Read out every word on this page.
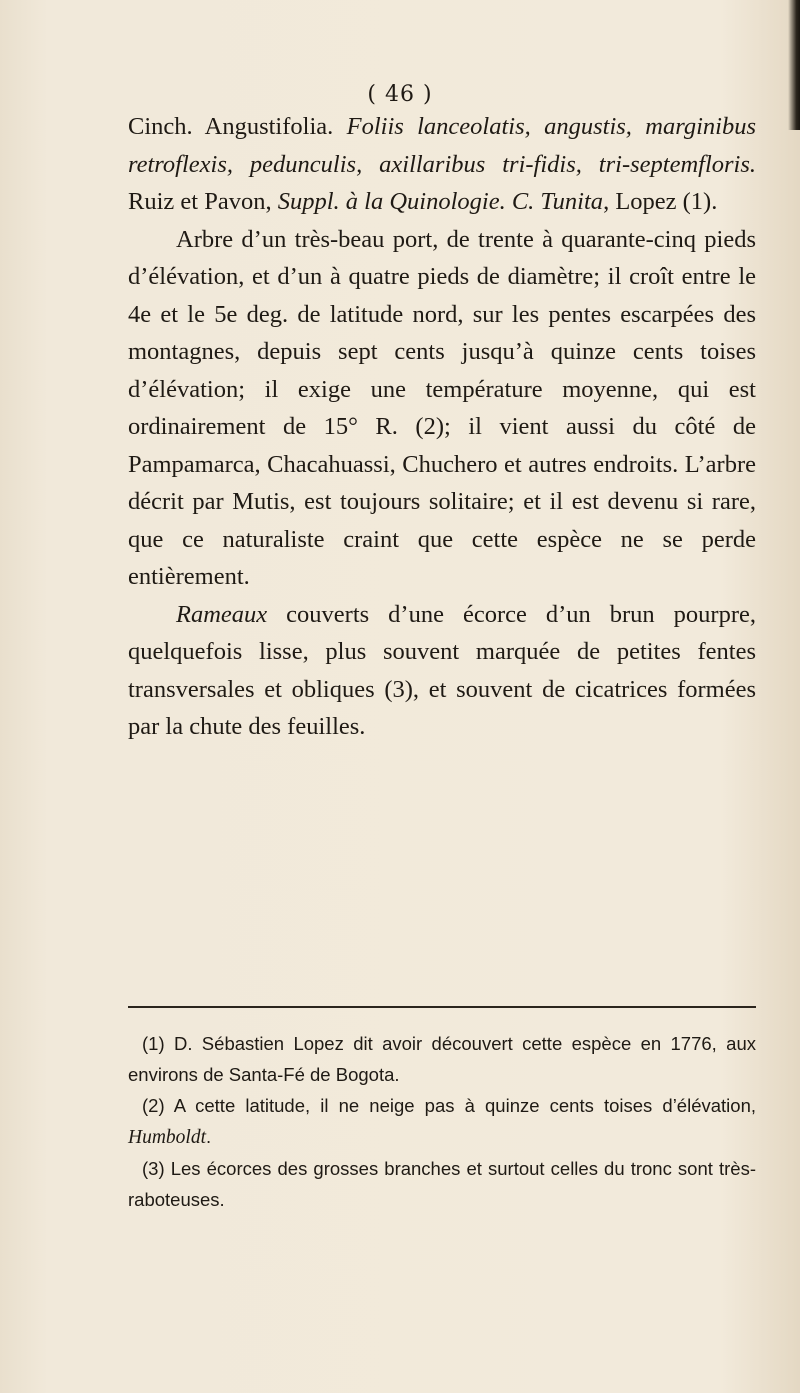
( 46 )

Cinch. Angustifolia. Foliis lanceolatis, angustis, marginibus retroflexis, pedunculis, axillaribus tri-fidis, tri-septemfloris. Ruiz et Pavon, Suppl. à la Quinologie. C. Tunita, Lopez (1).

Arbre d’un très-beau port, de trente à quarante-cinq pieds d’élévation, et d’un à quatre pieds de diamètre; il croît entre le 4e et le 5e deg. de latitude nord, sur les pentes escarpées des montagnes, depuis sept cents jusqu’à quinze cents toises d’élévation; il exige une température moyenne, qui est ordinairement de 15° R. (2); il vient aussi du côté de Pampamarca, Chacahuassi, Chuchero et autres endroits. L’arbre décrit par Mutis, est toujours solitaire; et il est devenu si rare, que ce naturaliste craint que cette espèce ne se perde entièrement.

Rameaux couverts d’une écorce d’un brun pourpre, quelquefois lisse, plus souvent marquée de petites fentes transversales et obliques (3), et souvent de cicatrices formées par la chute des feuilles.

(1) D. Sébastien Lopez dit avoir découvert cette espèce en 1776, aux environs de Santa-Fé de Bogota.

(2) A cette latitude, il ne neige pas à quinze cents toises d’élévation, Humboldt.

(3) Les écorces des grosses branches et surtout celles du tronc sont très-raboteuses.
